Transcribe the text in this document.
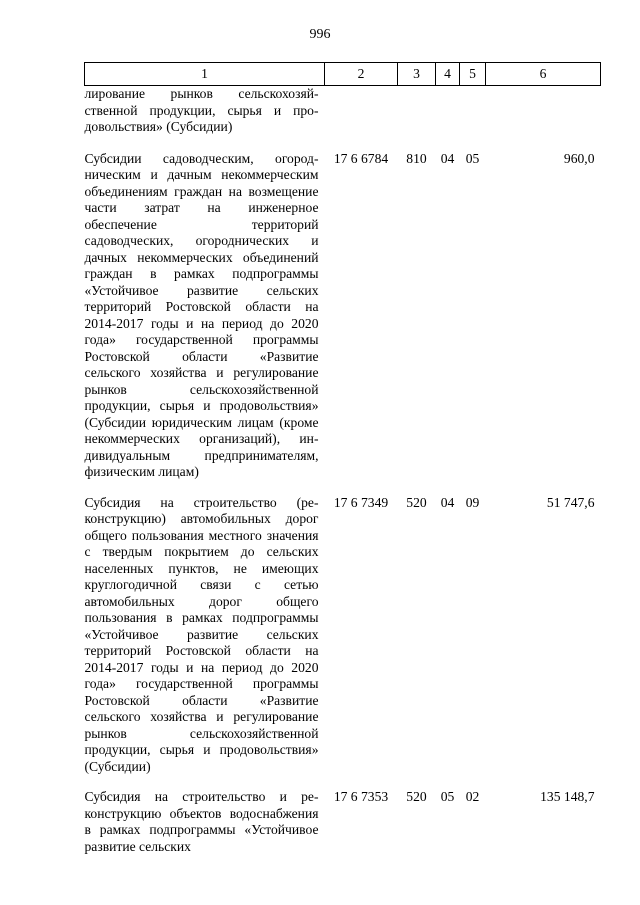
996
1	2	3	4	5	6
лирование рынков сельскохозяйственной продукции, сырья и продовольствия» (Субсидии)					
Субсидии садоводческим, огородническим и дачным некоммерческим объединениям граждан на возмещение части затрат на инженерное обеспечение территорий садоводческих, огороднических и дачных некоммерческих объединений граждан в рамках подпрограммы «Устойчивое развитие сельских территорий Ростовской области на 2014-2017 годы и на период до 2020 года» государственной программы Ростовской области «Развитие сельского хозяйства и регулирование рынков сельскохозяйственной продукции, сырья и продовольствия» (Субсидии юридическим лицам (кроме некоммерческих организаций), индивидуальным предпринимателям, физическим лицам)	17 6 6784	810	04	05	960,0
Субсидия на строительство (реконструкцию) автомобильных дорог общего пользования местного значения с твердым покрытием до сельских населенных пунктов, не имеющих круглогодичной связи с сетью автомобильных дорог общего пользования в рамках подпрограммы «Устойчивое развитие сельских территорий Ростовской области на 2014-2017 годы и на период до 2020 года» государственной программы Ростовской области «Развитие сельского хозяйства и регулирование рынков сельскохозяйственной продукции, сырья и продовольствия» (Субсидии)	17 6 7349	520	04	09	51 747,6
Субсидия на строительство и реконструкцию объектов водоснабжения в рамках подпрограммы «Устойчивое развитие сельских	17 6 7353	520	05	02	135 148,7
